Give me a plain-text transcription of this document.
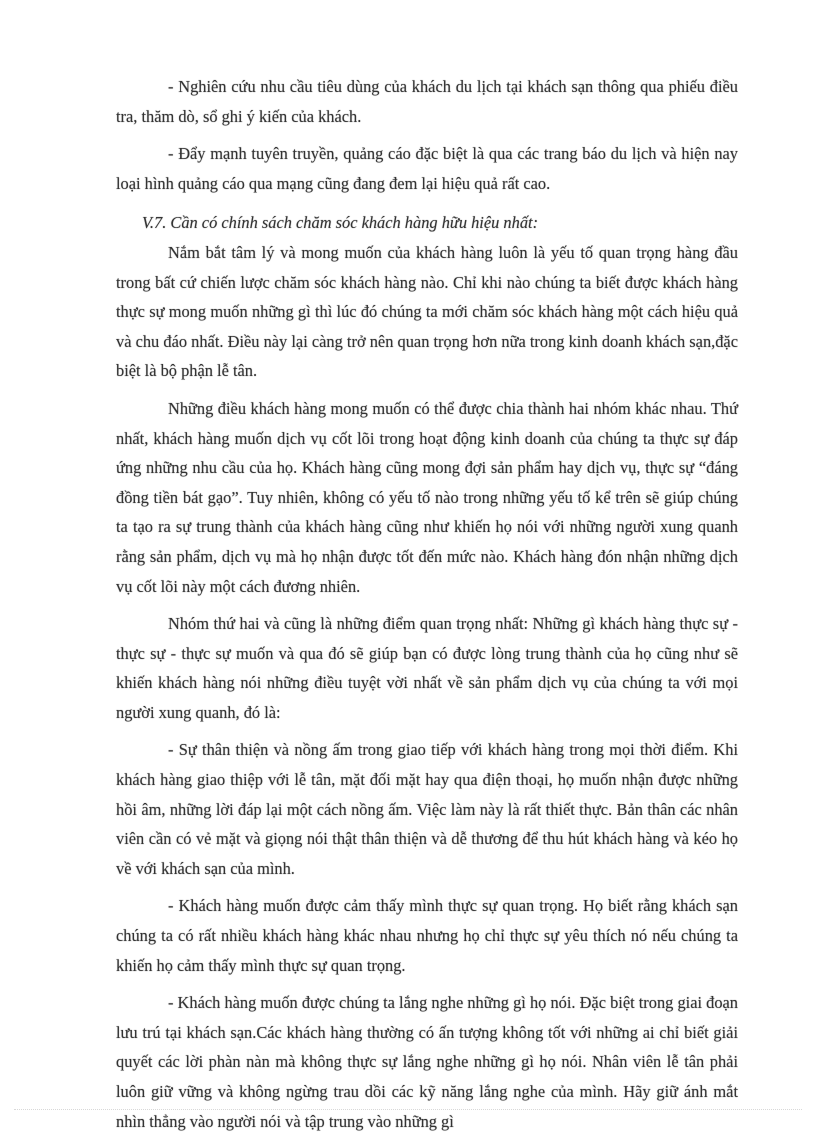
- Nghiên cứu nhu cầu tiêu dùng của khách du lịch tại khách sạn thông qua phiếu điều tra, thăm dò, sổ ghi ý kiến của khách.

- Đẩy mạnh tuyên truyền, quảng cáo đặc biệt là qua các trang báo du lịch và hiện nay loại hình quảng cáo qua mạng cũng đang đem lại hiệu quả rất cao.

V.7. Cần có chính sách chăm sóc khách hàng hữu hiệu nhất:

Nắm bắt tâm lý và mong muốn của khách hàng luôn là yếu tố quan trọng hàng đầu trong bất cứ chiến lược chăm sóc khách hàng nào. Chỉ khi nào chúng ta biết được khách hàng thực sự mong muốn những gì thì lúc đó chúng ta mới chăm sóc khách hàng một cách hiệu quả và chu đáo nhất. Điều này lại càng trở nên quan trọng hơn nữa trong kinh doanh khách sạn,đặc biệt là bộ phận lễ tân.

Những điều khách hàng mong muốn có thể được chia thành hai nhóm khác nhau. Thứ nhất, khách hàng muốn dịch vụ cốt lõi trong hoạt động kinh doanh của chúng ta thực sự đáp ứng những nhu cầu của họ. Khách hàng cũng mong đợi sản phẩm hay dịch vụ, thực sự “đáng đồng tiền bát gạo”. Tuy nhiên, không có yếu tố nào trong những yếu tố kể trên sẽ giúp chúng ta tạo ra sự trung thành của khách hàng cũng như khiến họ nói với những người xung quanh rằng sản phẩm, dịch vụ mà họ nhận được tốt đến mức nào. Khách hàng đón nhận những dịch vụ cốt lõi này một cách đương nhiên.

Nhóm thứ hai và cũng là những điểm quan trọng nhất: Những gì khách hàng thực sự - thực sự - thực sự muốn và qua đó sẽ giúp bạn có được lòng trung thành của họ cũng như sẽ khiến khách hàng nói những điều tuyệt vời nhất về sản phẩm dịch vụ của chúng ta với mọi người xung quanh, đó là:

- Sự thân thiện và nồng ấm trong giao tiếp với khách hàng trong mọi thời điểm. Khi khách hàng giao thiệp với lễ tân, mặt đối mặt hay qua điện thoại, họ muốn nhận được những hồi âm, những lời đáp lại một cách nồng ấm. Việc làm này là rất thiết thực. Bản thân các nhân viên cần có vẻ mặt và giọng nói thật thân thiện và dễ thương để thu hút khách hàng và kéo họ về với khách sạn của mình.

- Khách hàng muốn được cảm thấy mình thực sự quan trọng. Họ biết rằng khách sạn chúng ta có rất nhiều khách hàng khác nhau nhưng họ chỉ thực sự yêu thích nó nếu chúng ta khiến họ cảm thấy mình thực sự quan trọng.

- Khách hàng muốn được chúng ta lắng nghe những gì họ nói. Đặc biệt trong giai đoạn lưu trú tại khách sạn.Các khách hàng thường có ấn tượng không tốt với những ai chỉ biết giải quyết các lời phàn nàn mà không thực sự lắng nghe những gì họ nói. Nhân viên lễ tân phải luôn giữ vững và không ngừng trau dồi các kỹ năng lắng nghe của mình. Hãy giữ ánh mắt nhìn thẳng vào người nói và tập trung vào những gì
